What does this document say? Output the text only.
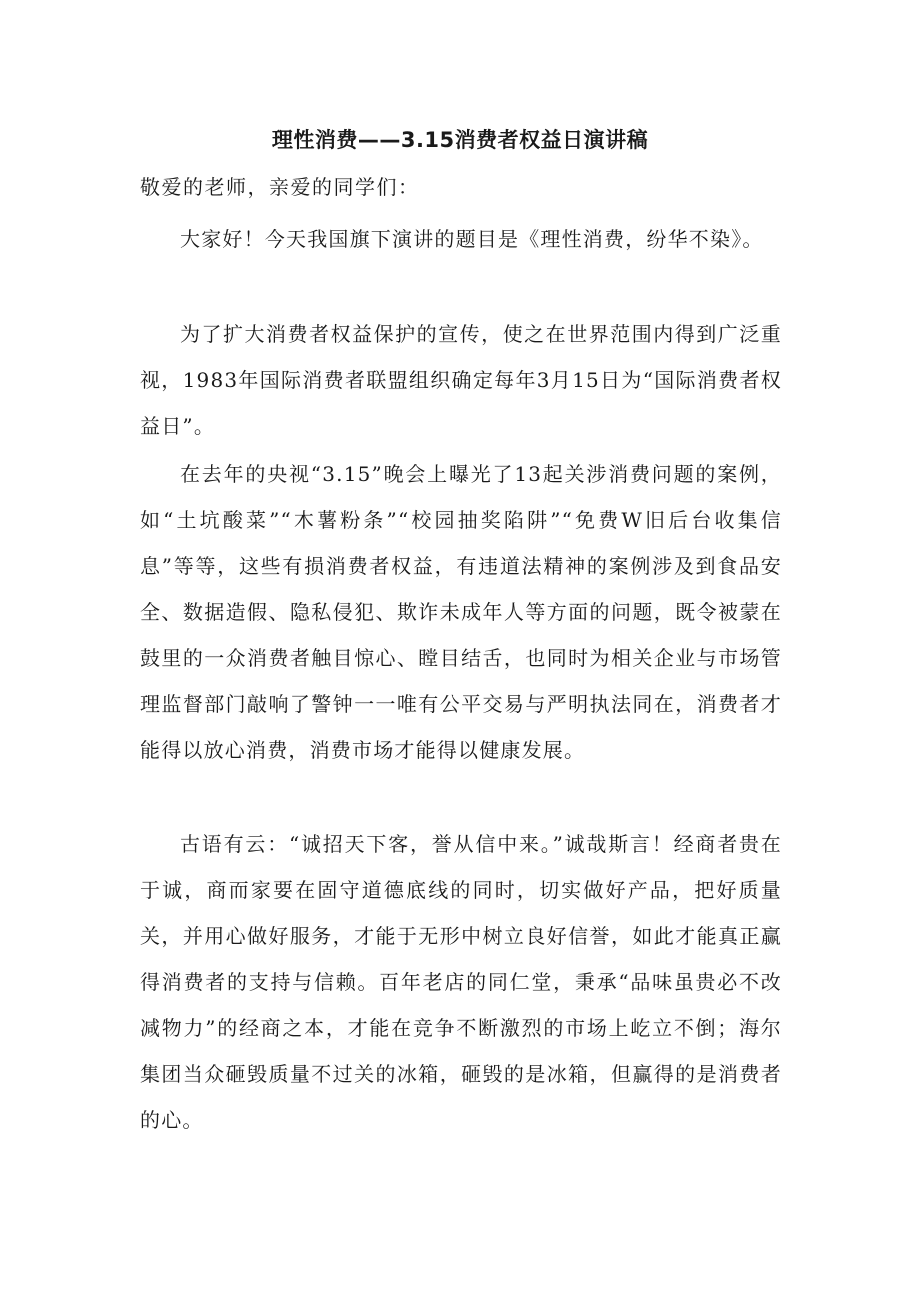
理性消费——3.15消费者权益日演讲稿
敬爱的老师，亲爱的同学们：

大家好！今天我国旗下演讲的题目是《理性消费，纷华不染》。

为了扩大消费者权益保护的宣传，使之在世界范围内得到广泛重视，1983年国际消费者联盟组织确定每年3月15日为“国际消费者权益日”。

在去年的央视“3.15”晚会上曝光了13起关涉消费问题的案例，如“土坑酸菜”“木薯粉条”“校园抽奖陷阱”“免费W旧后台收集信息”等等，这些有损消费者权益，有违道法精神的案例涉及到食品安全、数据造假、隐私侵犯、欺诈未成年人等方面的问题，既令被蒙在鼓里的一众消费者触目惊心、瞠目结舌，也同时为相关企业与市场管理监督部门敲响了警钟一一唯有公平交易与严明执法同在，消费者才能得以放心消费，消费市场才能得以健康发展。

古语有云：“诚招天下客，誉从信中来。”诚哉斯言！经商者贵在于诚，商而家要在固守道德底线的同时，切实做好产品，把好质量关，并用心做好服务，才能于无形中树立良好信誉，如此才能真正赢得消费者的支持与信赖。百年老店的同仁堂，秉承“品味虽贵必不改减物力”的经商之本，才能在竞争不断激烈的市场上屹立不倒；海尔集团当众砸毁质量不过关的冰箱，砸毁的是冰箱，但赢得的是消费者的心。
